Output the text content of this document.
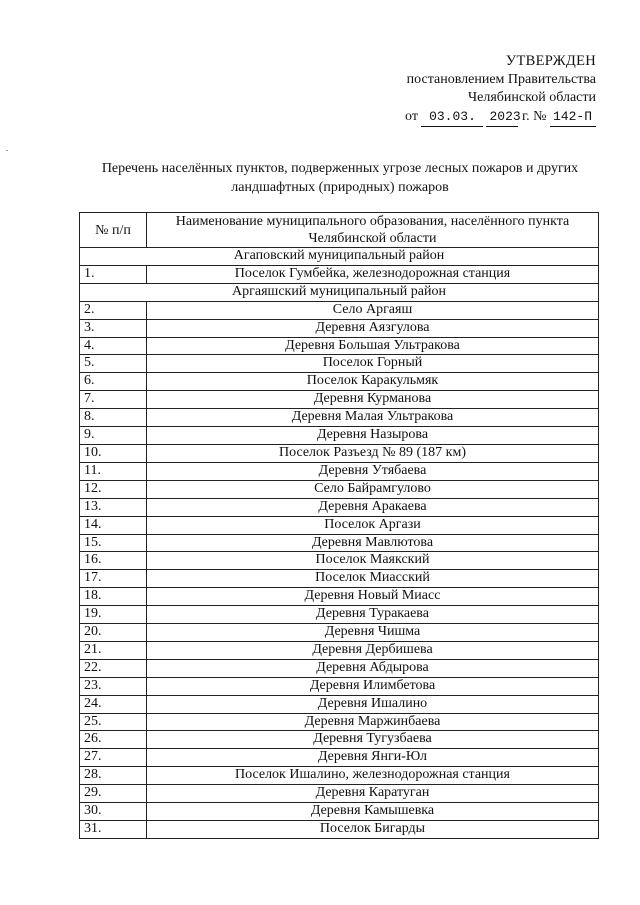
УТВЕРЖДЕН
постановлением Правительства
Челябинской области
от
03.03.	2023
г. №
142-П
Перечень населённых пунктов, подверженных угрозе лесных пожаров и других
ландшафтных (природных) пожаров
№ п/п	Наименование муниципального образования, населённого пункта Челябинской области
Агаповский муниципальный район	
1.	Поселок Гумбейка, железнодорожная станция
Аргаяшский муниципальный район	
2.	Село Аргаяш
3.	Деревня Аязгулова
4.	Деревня Большая Ультракова
5.	Поселок Горный
6.	Поселок Каракульмяк
7.	Деревня Курманова
8.	Деревня Малая Ультракова
9.	Деревня Назырова
10.	Поселок Разъезд № 89 (187 км)
11.	Деревня Утябаева
12.	Село Байрамгулово
13.	Деревня Аракаева
14.	Поселок Аргази
15.	Деревня Мавлютова
16.	Поселок Маякский
17.	Поселок Миасский
18.	Деревня Новый Миасс
19.	Деревня Туракаева
20.	Деревня Чишма
21.	Деревня Дербишева
22.	Деревня Абдырова
23.	Деревня Илимбетова
24.	Деревня Ишалино
25.	Деревня Маржинбаева
26.	Деревня Тугузбаева
27.	Деревня Янги-Юл
28.	Поселок Ишалино, железнодорожная станция
29.	Деревня Каратуган
30.	Деревня Камышевка
31.	Поселок Бигарды
